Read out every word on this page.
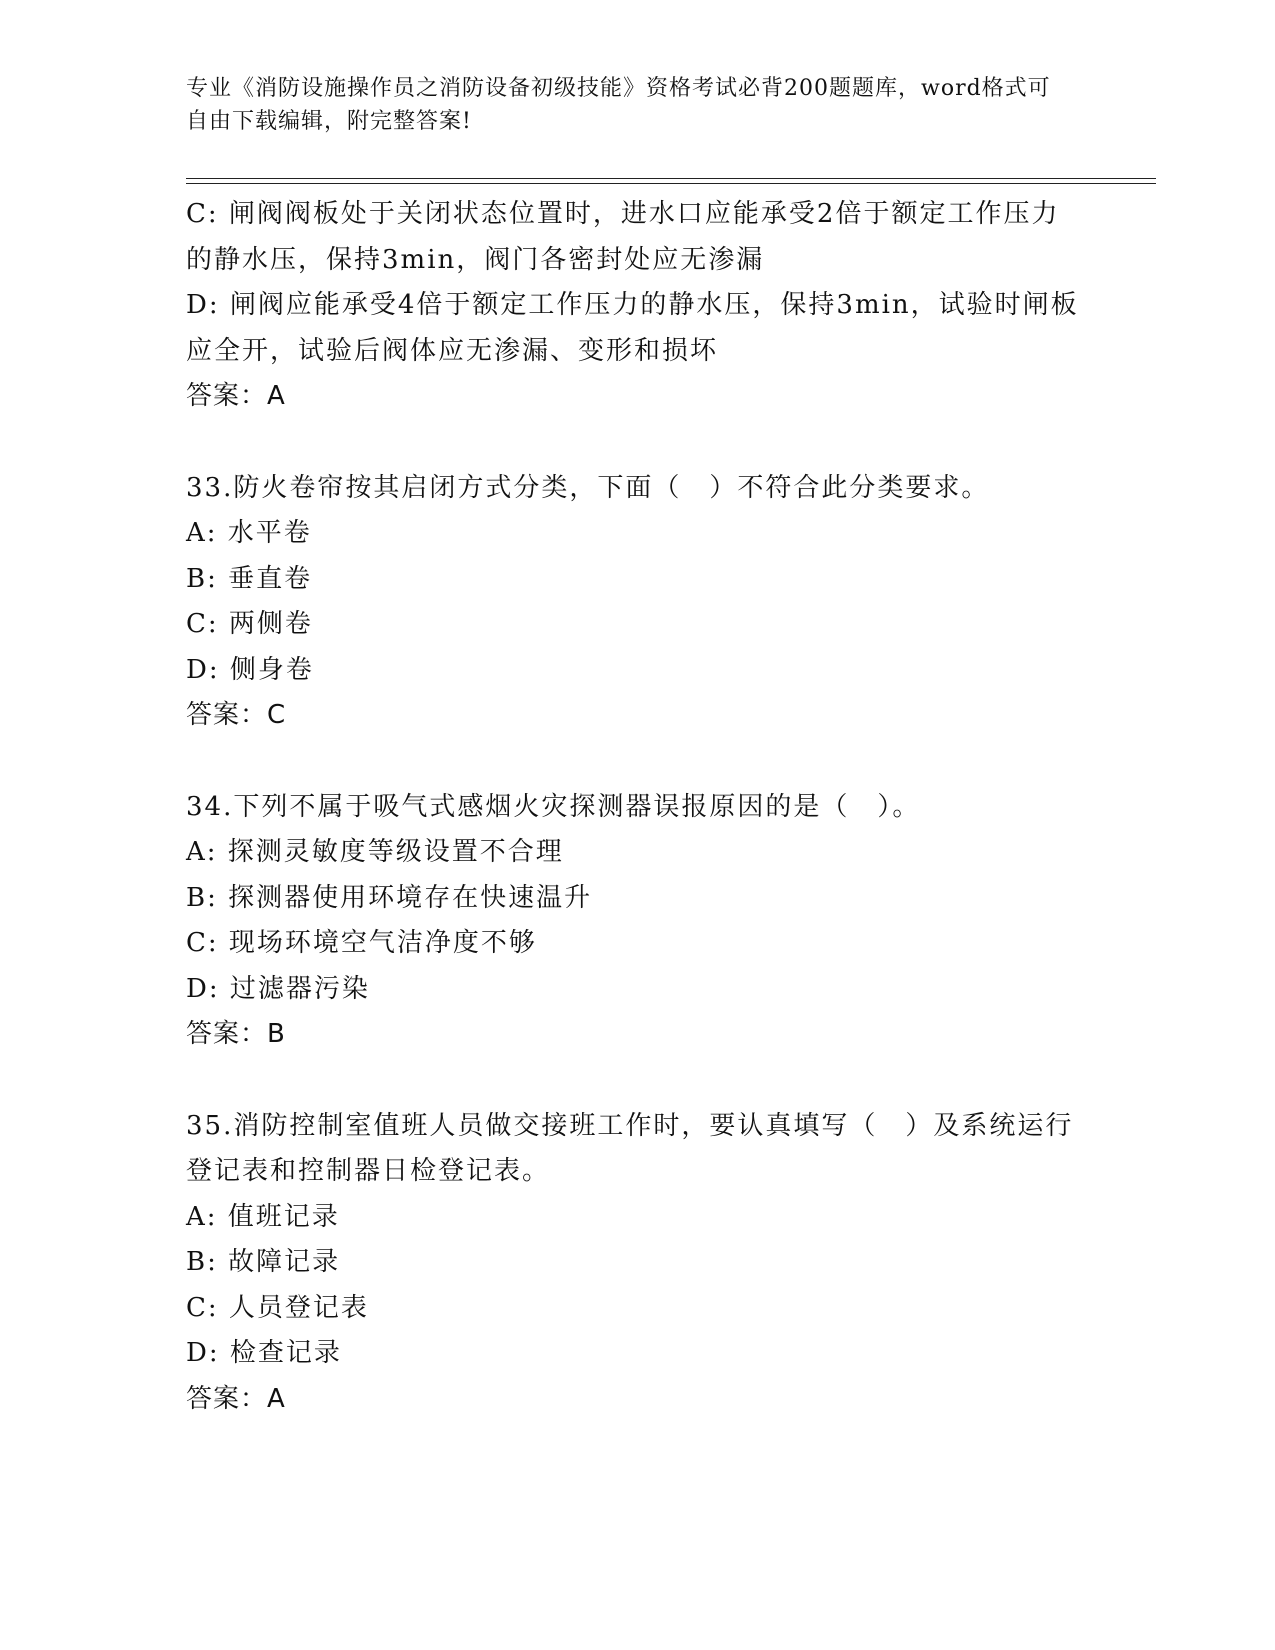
专业《消防设施操作员之消防设备初级技能》资格考试必背200题题库，word格式可自由下载编辑，附完整答案!

C: 闸阀阀板处于关闭状态位置时，进水口应能承受2倍于额定工作压力的静水压，保持3min，阀门各密封处应无渗漏

D: 闸阀应能承受4倍于额定工作压力的静水压，保持3min，试验时闸板应全开，试验后阀体应无渗漏、变形和损坏

答案：A

33.防火卷帘按其启闭方式分类，下面（　）不符合此分类要求。

A: 水平卷

B: 垂直卷

C: 两侧卷

D: 侧身卷

答案：C

34.下列不属于吸气式感烟火灾探测器误报原因的是（　）。

A: 探测灵敏度等级设置不合理

B: 探测器使用环境存在快速温升

C: 现场环境空气洁净度不够

D: 过滤器污染

答案：B

35.消防控制室值班人员做交接班工作时，要认真填写（　）及系统运行登记表和控制器日检登记表。

A: 值班记录

B: 故障记录

C: 人员登记表

D: 检查记录

答案：A
